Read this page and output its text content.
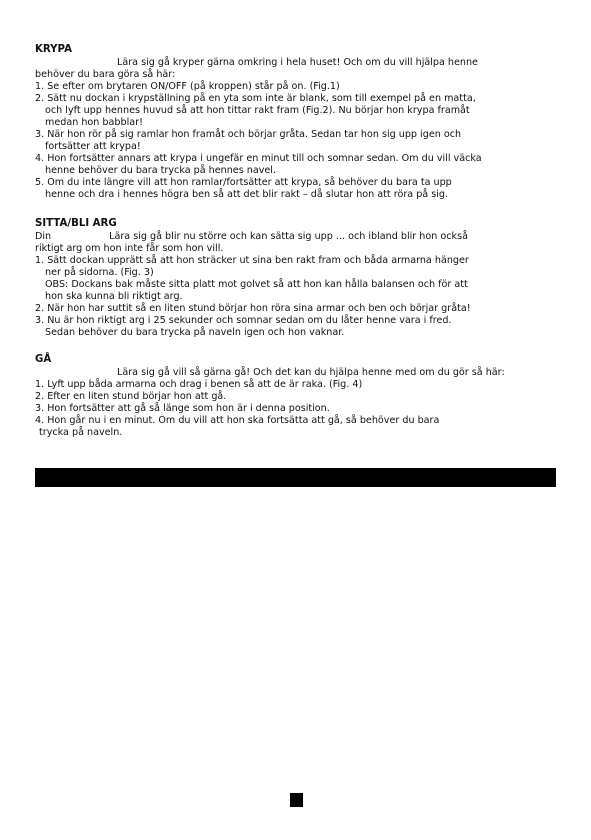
KRYPA
Lära sig gå kryper gärna omkring i hela huset! Och om du vill hjälpa henne
behöver du bara göra så här:
1. Se efter om brytaren ON/OFF (på kroppen) står på on. (Fig.1)
2. Sätt nu dockan i krypställning på en yta som inte är blank, som till exempel på en matta,
och lyft upp hennes huvud så att hon tittar rakt fram (Fig.2). Nu börjar hon krypa framåt
medan hon babblar!
3. När hon rör på sig ramlar hon framåt och börjar gråta. Sedan tar hon sig upp igen och
fortsätter att krypa!
4. Hon fortsätter annars att krypa i ungefär en minut till och somnar sedan. Om du vill väcka
henne behöver du bara trycka på hennes navel.
5. Om du inte längre vill att hon ramlar/fortsätter att krypa, så behöver du bara ta upp
henne och dra i hennes högra ben så att det blir rakt – då slutar hon att röra på sig.
SITTA/BLI ARG
Din	Lära sig gå blir nu större och kan sätta sig upp ... och ibland blir hon också
riktigt arg om hon inte får som hon vill.
1. Sätt dockan upprätt så att hon sträcker ut sina ben rakt fram och båda armarna hänger
ner på sidorna. (Fig. 3)
OBS: Dockans bak måste sitta platt mot golvet så att hon kan hålla balansen och för att
hon ska kunna bli riktigt arg.
2. När hon har suttit så en liten stund börjar hon röra sina armar och ben och börjar gråta!
3. Nu är hon riktigt arg i 25 sekunder och somnar sedan om du låter henne vara i fred.
Sedan behöver du bara trycka på naveln igen och hon vaknar.
GÅ
Lära sig gå vill så gärna gå! Och det kan du hjälpa henne med om du gör så här:
1. Lyft upp båda armarna och drag i benen så att de är raka. (Fig. 4)
2. Efter en liten stund börjar hon att gå.
3. Hon fortsätter att gå så länge som hon är i denna position.
4. Hon går nu i en minut. Om du vill att hon ska fortsätta att gå, så behöver du bara
trycka på naveln.
